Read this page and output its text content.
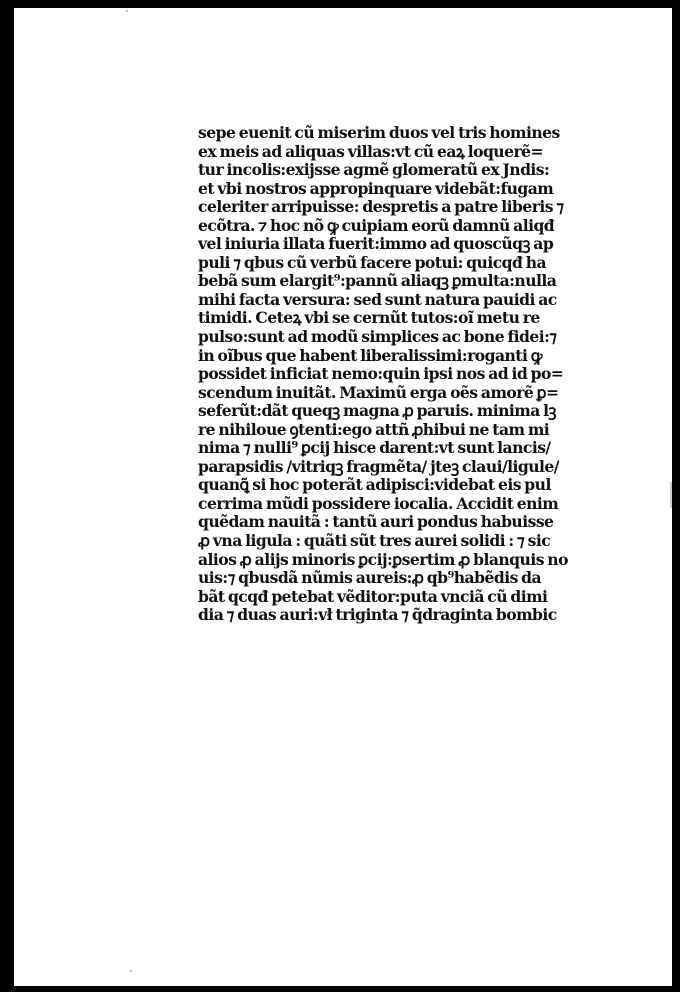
sepe euenit cũ miserim duos vel tris homines
ex meis ad aliquas villas:vt cũ eaꝝ loquerẽ=
tur incolis:exijsse agmẽ glomeratũ ex Jndis:
et vbi nostros appropinquare videbãt:fugam
celeriter arripuisse: despretis a patre liberis ⁊
ecõtra. ⁊ hoc nõ ꝙ cuipiam eorũ damnũ aliqđ
vel iniuria illata fuerit:immo ad quoscũqꝫ ap
puli ⁊ qbus cũ verbũ facere potui: quicqđ ha
bebã sum elargit⁹:pannũ aliaqꝫ ꝑmulta:nulla
mihi facta versura: sed sunt natura pauidi ac
timidi. Ceteꝝ vbi se cernũt tutos:oĩ metu re
pulso:sunt ad modũ simplices ac bone fidei:⁊
in oĩbus que habent liberalissimi:roganti ꝙ
possidet inficiat nemo:quin ipsi nos ad id po=
scendum inuitãt. Maximũ erga oẽs amorẽ ꝑ=
seferũt:dãt queqꝫ magna ꝓ paruis. minima lꝫ
re nihiloue ꝯtenti:ego attñ ꝓhibui ne tam mi
nima ⁊ nulli⁹ ꝑcij hisce darent:vt sunt lancis/
parapsidis /vitriqꝫ fragmẽta/ jteꝫ claui/ligule/
quanꝗ̃ si hoc poterãt adipisci:videbat eis pul
cerrima mũdi possidere iocalia. Accidit enim
quẽdam nauitã : tantũ auri pondus habuisse
ꝓ vna ligula : quãti sũt tres aurei solidi : ⁊ sic
alios ꝓ alijs minoris ꝑcij:ꝑsertim ꝓ blanquis no
uis:⁊ qbusdã nũmis aureis:ꝓ qb⁹habẽdis da
bãt qcqđ petebat vẽditor:puta vnciã cũ dimi
dia ⁊ duas auri:vł triginta ⁊ q̃draginta bombic
